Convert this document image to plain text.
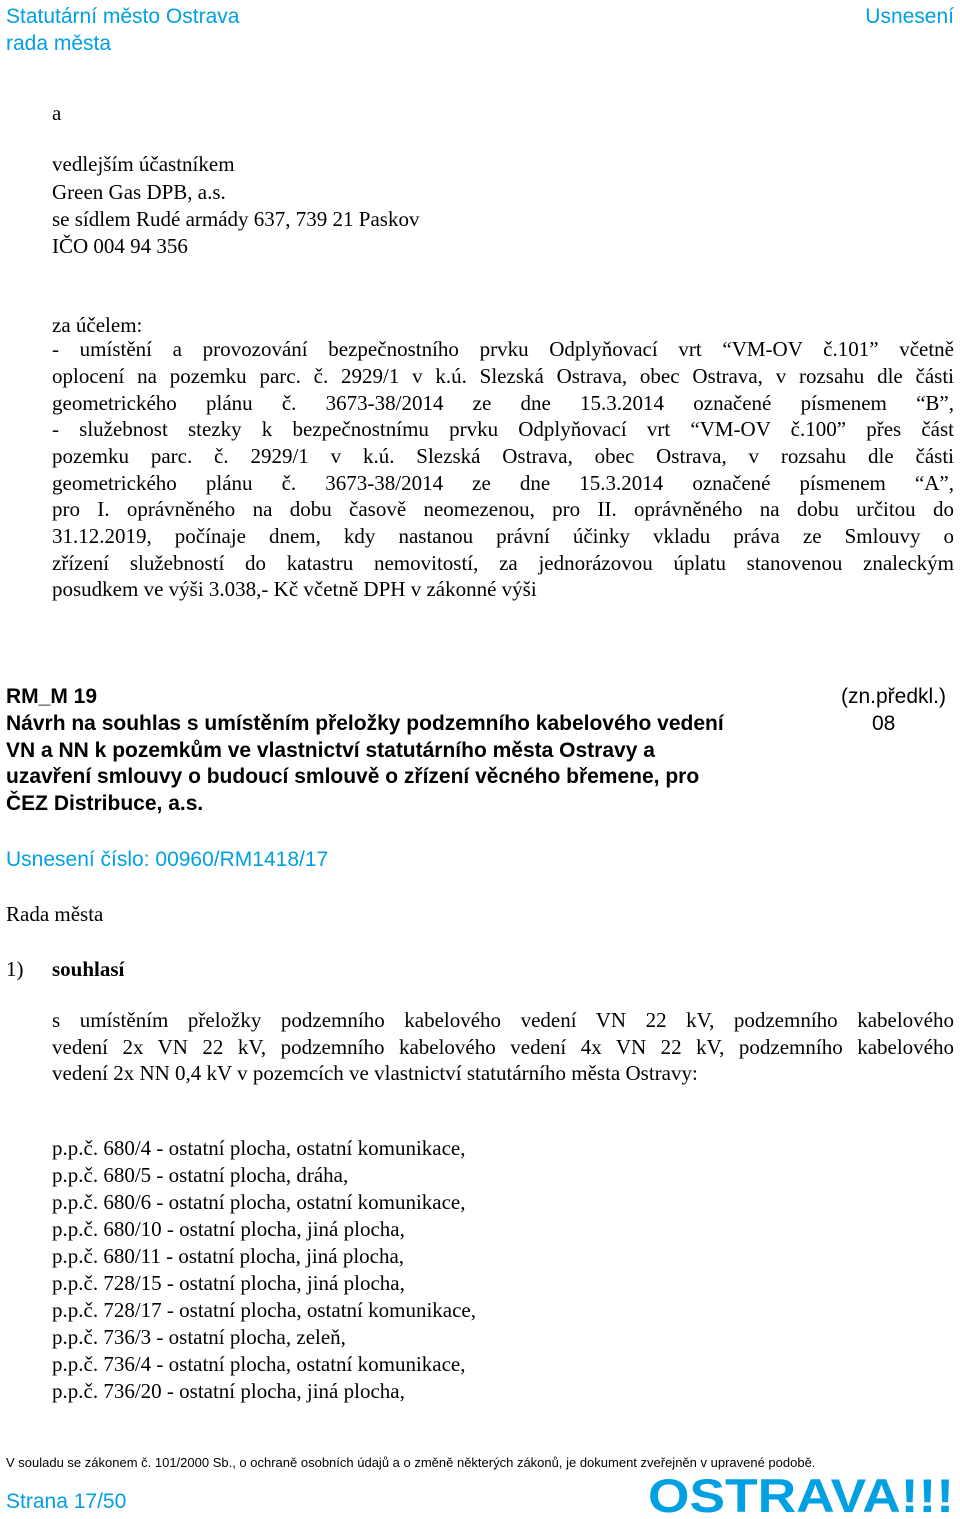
Statutární město Ostrava
rada města
Usnesení
a
vedlejším účastníkem
Green Gas DPB, a.s.
se sídlem Rudé armády 637, 739 21 Paskov
IČO 004 94 356
za účelem:
- umístění a provozování bezpečnostního prvku Odplyňovací vrt “VM-OV č.101” včetně
oplocení na pozemku parc. č. 2929/1 v k.ú. Slezská Ostrava, obec Ostrava, v rozsahu dle části
geometrického plánu č. 3673-38/2014 ze dne 15.3.2014 označené písmenem “B”,
- služebnost stezky k bezpečnostnímu prvku Odplyňovací vrt “VM-OV č.100” přes část
pozemku parc. č. 2929/1 v k.ú. Slezská Ostrava, obec Ostrava, v rozsahu dle části
geometrického plánu č. 3673-38/2014 ze dne 15.3.2014 označené písmenem “A”,
pro I. oprávněného na dobu časově neomezenou, pro II. oprávněného na dobu určitou do
31.12.2019, počínaje dnem, kdy nastanou právní účinky vkladu práva ze Smlouvy o
zřízení služebností do katastru nemovitostí, za jednorázovou úplatu stanovenou znaleckým
posudkem ve výši 3.038,- Kč včetně DPH v zákonné výši
RM_M 19	(zn.předkl.)
08
Návrh na souhlas s umístěním přeložky podzemního kabelového vedení
VN a NN k pozemkům ve vlastnictví statutárního města Ostravy a
uzavření smlouvy o budoucí smlouvě o zřízení věcného břemene, pro
ČEZ Distribuce, a.s.
Usnesení číslo: 00960/RM1418/17
Rada města
1) souhlasí
s umístěním přeložky podzemního kabelového vedení VN 22 kV, podzemního kabelového
vedení 2x VN 22 kV, podzemního kabelového vedení 4x VN 22 kV, podzemního kabelového
vedení 2x NN 0,4 kV v pozemcích ve vlastnictví statutárního města Ostravy:
p.p.č. 680/4 - ostatní plocha, ostatní komunikace,
p.p.č. 680/5 - ostatní plocha, dráha,
p.p.č. 680/6 - ostatní plocha, ostatní komunikace,
p.p.č. 680/10 - ostatní plocha, jiná plocha,
p.p.č. 680/11 - ostatní plocha, jiná plocha,
p.p.č. 728/15 - ostatní plocha, jiná plocha,
p.p.č. 728/17 - ostatní plocha, ostatní komunikace,
p.p.č. 736/3 - ostatní plocha, zeleň,
p.p.č. 736/4 - ostatní plocha, ostatní komunikace,
p.p.č. 736/20 - ostatní plocha, jiná plocha,
V souladu se zákonem č. 101/2000 Sb., o ochraně osobních údajů a o změně některých zákonů, je dokument zveřejněn v upravené podobě.
Strana 17/50	OSTRAVA!!!
